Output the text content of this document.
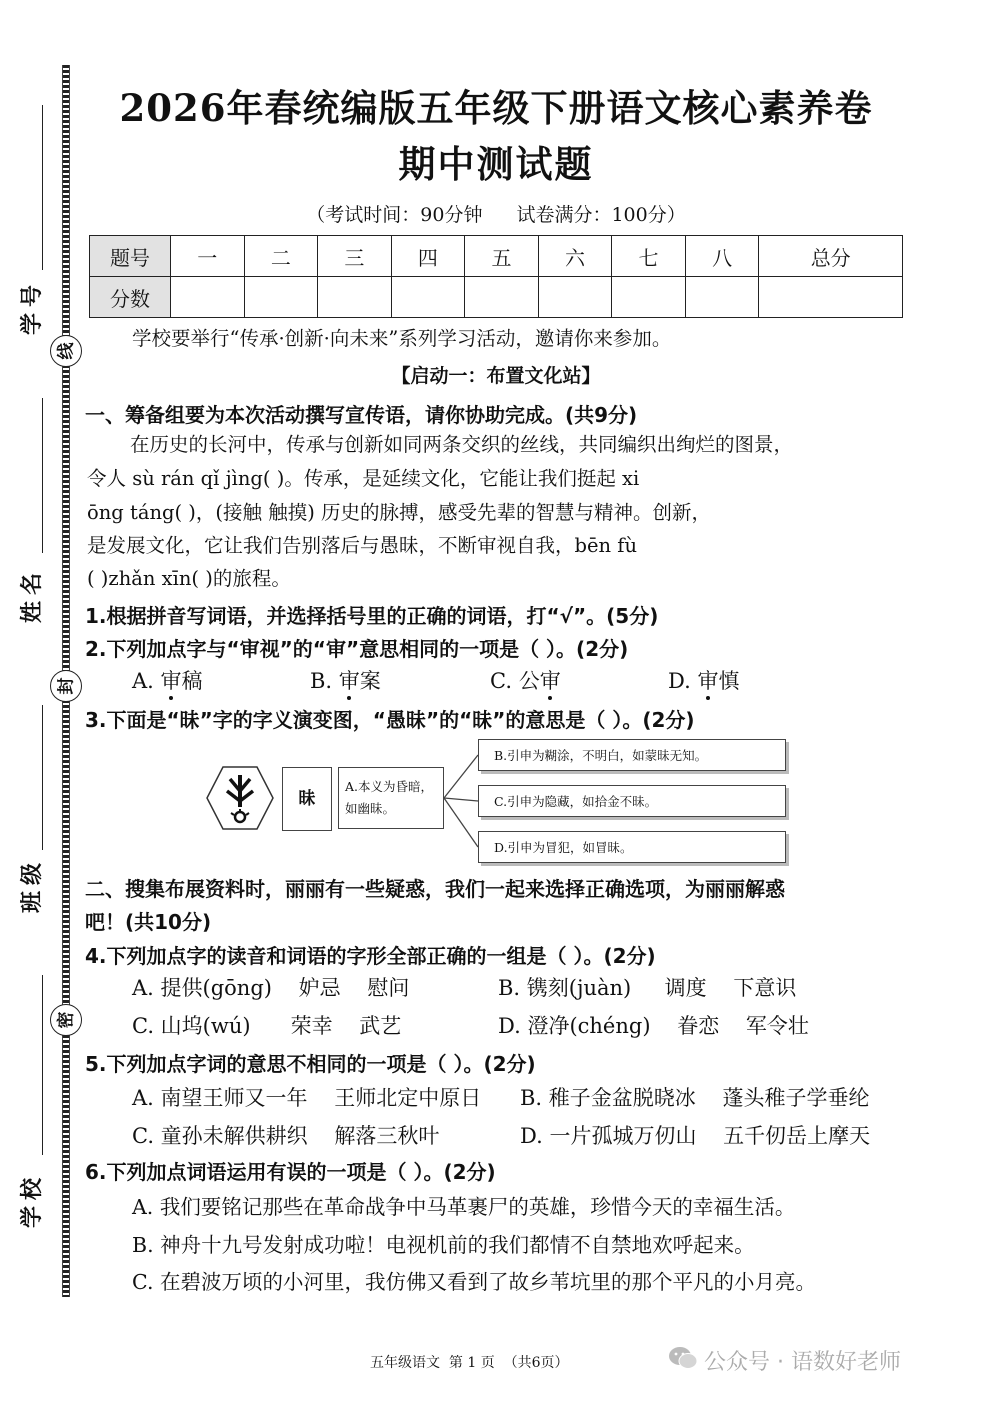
号
学
线
名
姓
封
级
班
密
校
学
2026年春统编版五年级下册语文核心素养卷
期中测试题
（考试时间：90分钟 试卷满分：100分）
题号	一	二	三	四	五	六	七	八	总分
分数									
学校要举行“传承·创新·向未来”系列学习活动，邀请你来参加。
【启动一：布置文化站】
一、筹备组要为本次活动撰写宣传语，请你协助完成。(共9分)
在历史的长河中，传承与创新如同两条交织的丝线，共同编织出绚烂的图景，
令人 sù rán qǐ jìng( )。传承，是延续文化，它能让我们挺起 xi
ōng táng( )，(接触 触摸) 历史的脉搏，感受先辈的智慧与精神。创新，
是发展文化，它让我们告别落后与愚昧，不断审视自我，bēn fù
( )zhǎn xīn( )的旅程。
1.根据拼音写词语，并选择括号里的正确的词语，打“√”。(5分)
2.下列加点字与“审视”的“审”意思相同的一项是（ ）。(2分)
A. 审稿	B. 审案	C. 公审	D. 审慎
3.下面是“昧”字的字义演变图，“愚昧”的“昧”的意思是（ ）。(2分)
昧
A.本义为昏暗，
如幽昧。
B.引申为糊涂，不明白，如蒙昧无知。
C.引申为隐藏，如拾金不昧。
D.引申为冒犯，如冒昧。
二、搜集布展资料时，丽丽有一些疑惑，我们一起来选择正确选项，为丽丽解惑
吧！(共10分)
4.下列加点字的读音和词语的字形全部正确的一组是（ ）。(2分)
A. 提供(gōng)    妒忌    慰问	B. 镌刻(juàn)     调度    下意识
C. 山坞(wú)      荣幸    武艺	D. 澄净(chéng)    眷恋    军令壮
5.下列加点字词的意思不相同的一项是（ ）。(2分)
A. 南望王师又一年    王师北定中原日 B. 稚子金盆脱晓冰    蓬头稚子学垂纶
C. 童孙未解供耕织    解落三秋叶	D. 一片孤城万仞山    五千仞岳上摩天
6.下列加点词语运用有误的一项是（ ）。(2分)
A. 我们要铭记那些在革命战争中马革裹尸的英雄，珍惜今天的幸福生活。
B. 神舟十九号发射成功啦！电视机前的我们都情不自禁地欢呼起来。
C. 在碧波万顷的小河里，我仿佛又看到了故乡苇坑里的那个平凡的小月亮。
五年级语文  第 1 页  （共6页）	公众号 · 语数好老师
